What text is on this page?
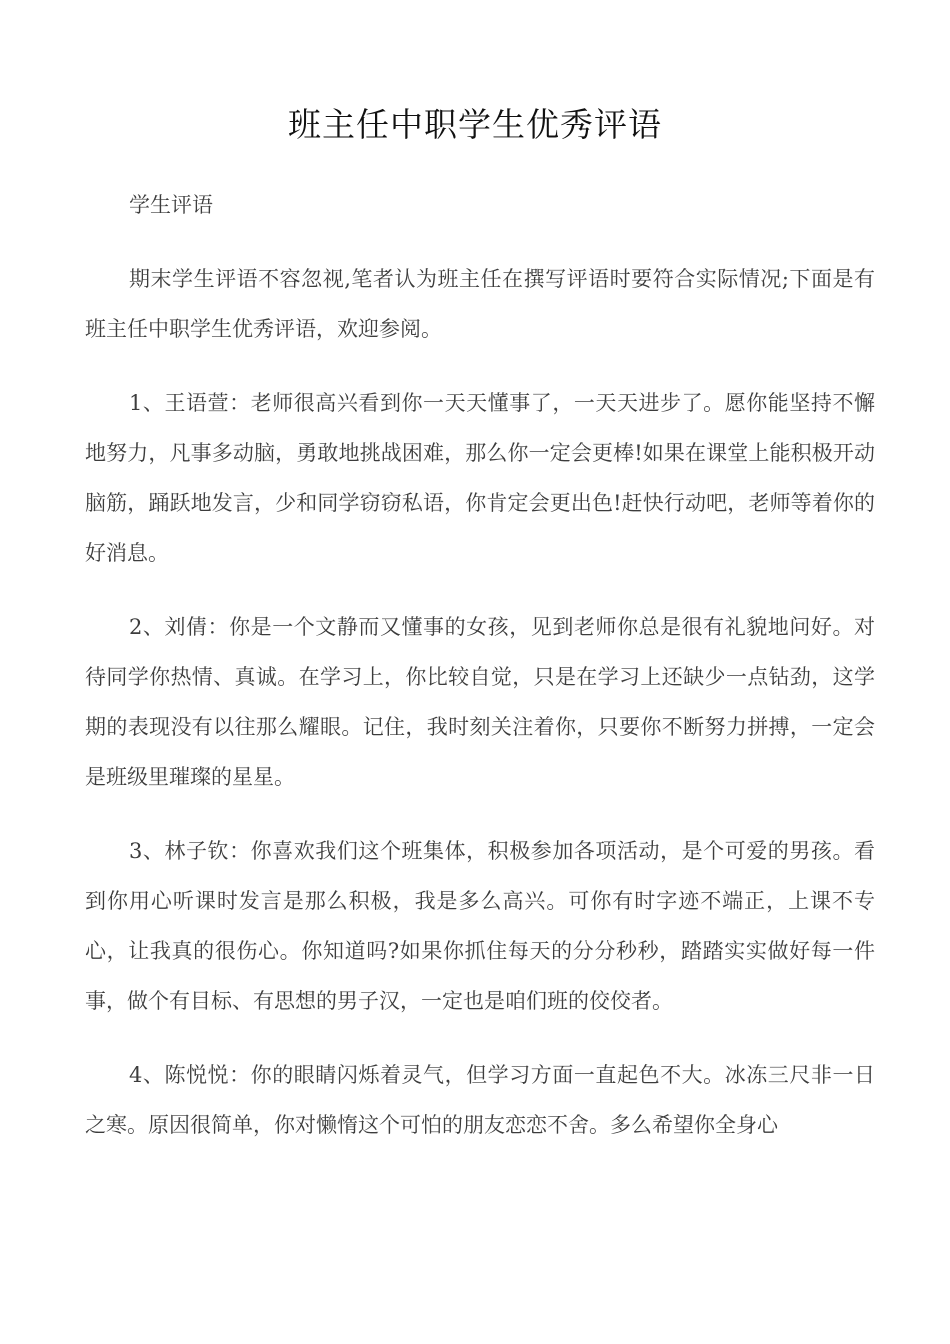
班主任中职学生优秀评语

学生评语

期末学生评语不容忽视,笔者认为班主任在撰写评语时要符合实际情况;下面是有班主任中职学生优秀评语，欢迎参阅。

1、王语萱：老师很高兴看到你一天天懂事了，一天天进步了。愿你能坚持不懈地努力，凡事多动脑，勇敢地挑战困难，那么你一定会更棒!如果在课堂上能积极开动脑筋，踊跃地发言，少和同学窃窃私语，你肯定会更出色!赶快行动吧，老师等着你的好消息。

2、刘倩：你是一个文静而又懂事的女孩，见到老师你总是很有礼貌地问好。对待同学你热情、真诚。在学习上，你比较自觉，只是在学习上还缺少一点钻劲，这学期的表现没有以往那么耀眼。记住，我时刻关注着你，只要你不断努力拼搏，一定会是班级里璀璨的星星。

3、林子钦：你喜欢我们这个班集体，积极参加各项活动，是个可爱的男孩。看到你用心听课时发言是那么积极，我是多么高兴。可你有时字迹不端正，上课不专心，让我真的很伤心。你知道吗?如果你抓住每天的分分秒秒，踏踏实实做好每一件事，做个有目标、有思想的男子汉，一定也是咱们班的佼佼者。

4、陈悦悦：你的眼睛闪烁着灵气，但学习方面一直起色不大。冰冻三尺非一日之寒。原因很简单，你对懒惰这个可怕的朋友恋恋不舍。多么希望你全身心
